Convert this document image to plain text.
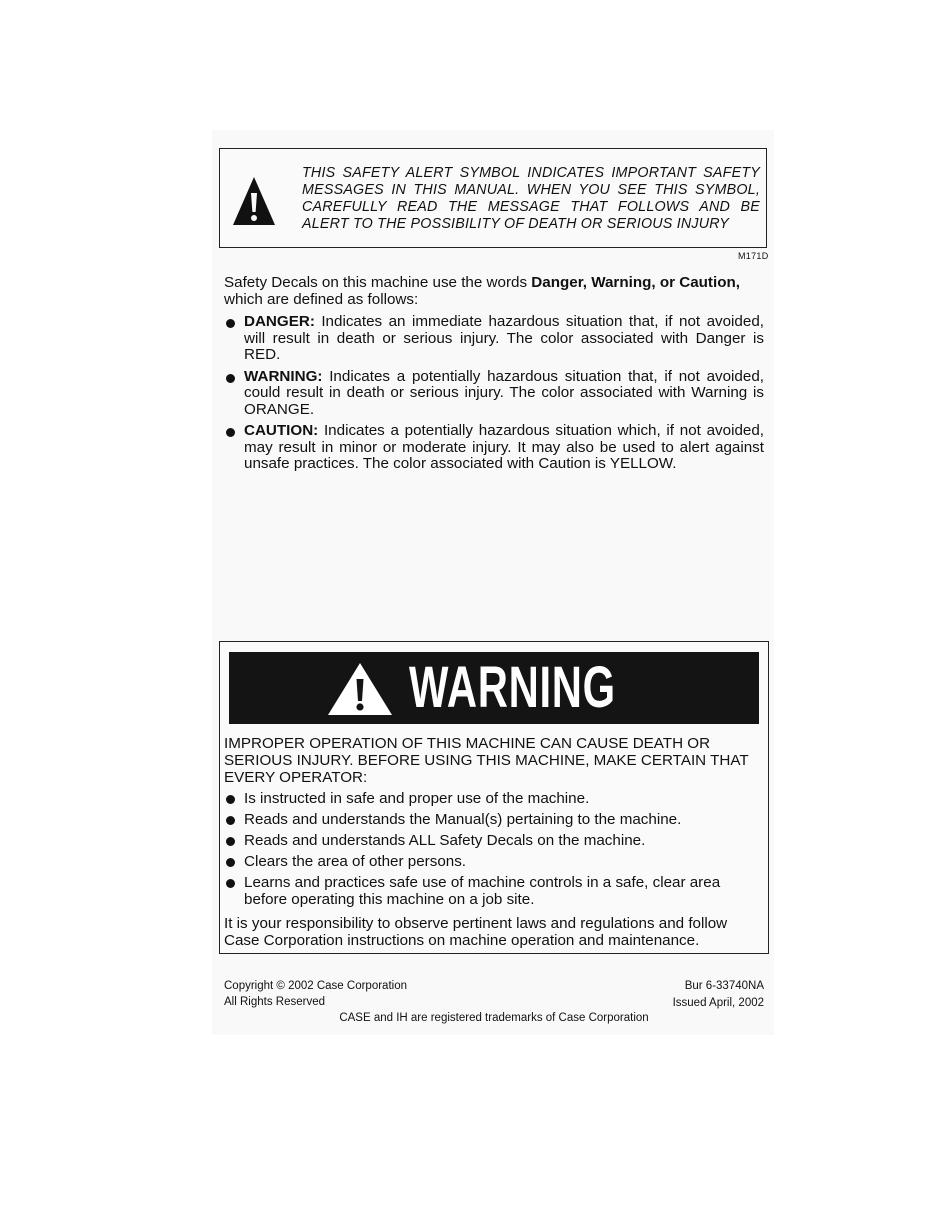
THIS SAFETY ALERT SYMBOL INDICATES IMPORTANT SAFETY MESSAGES IN THIS MANUAL. WHEN YOU SEE THIS SYMBOL, CAREFULLY READ THE MESSAGE THAT FOLLOWS AND BE ALERT TO THE POSSIBILITY OF DEATH OR SERIOUS INJURY
M171D
Safety Decals on this machine use the words Danger, Warning, or Caution, which are defined as follows:
DANGER: Indicates an immediate hazardous situation that, if not avoided, will result in death or serious injury. The color associated with Danger is RED.
WARNING: Indicates a potentially hazardous situation that, if not avoided, could result in death or serious injury. The color associated with Warning is ORANGE.
CAUTION: Indicates a potentially hazardous situation which, if not avoided, may result in minor or moderate injury. It may also be used to alert against unsafe practices. The color associated with Caution is YELLOW.
WARNING
IMPROPER OPERATION OF THIS MACHINE CAN CAUSE DEATH OR SERIOUS INJURY. BEFORE USING THIS MACHINE, MAKE CERTAIN THAT EVERY OPERATOR:
Is instructed in safe and proper use of the machine.
Reads and understands the Manual(s) pertaining to the machine.
Reads and understands ALL Safety Decals on the machine.
Clears the area of other persons.
Learns and practices safe use of machine controls in a safe, clear area before operating this machine on a job site.
It is your responsibility to observe pertinent laws and regulations and follow Case Corporation instructions on machine operation and maintenance.
Copyright © 2002 Case Corporation
All Rights Reserved
Bur 6-33740NA
Issued April, 2002
CASE and IH are registered trademarks of Case Corporation
